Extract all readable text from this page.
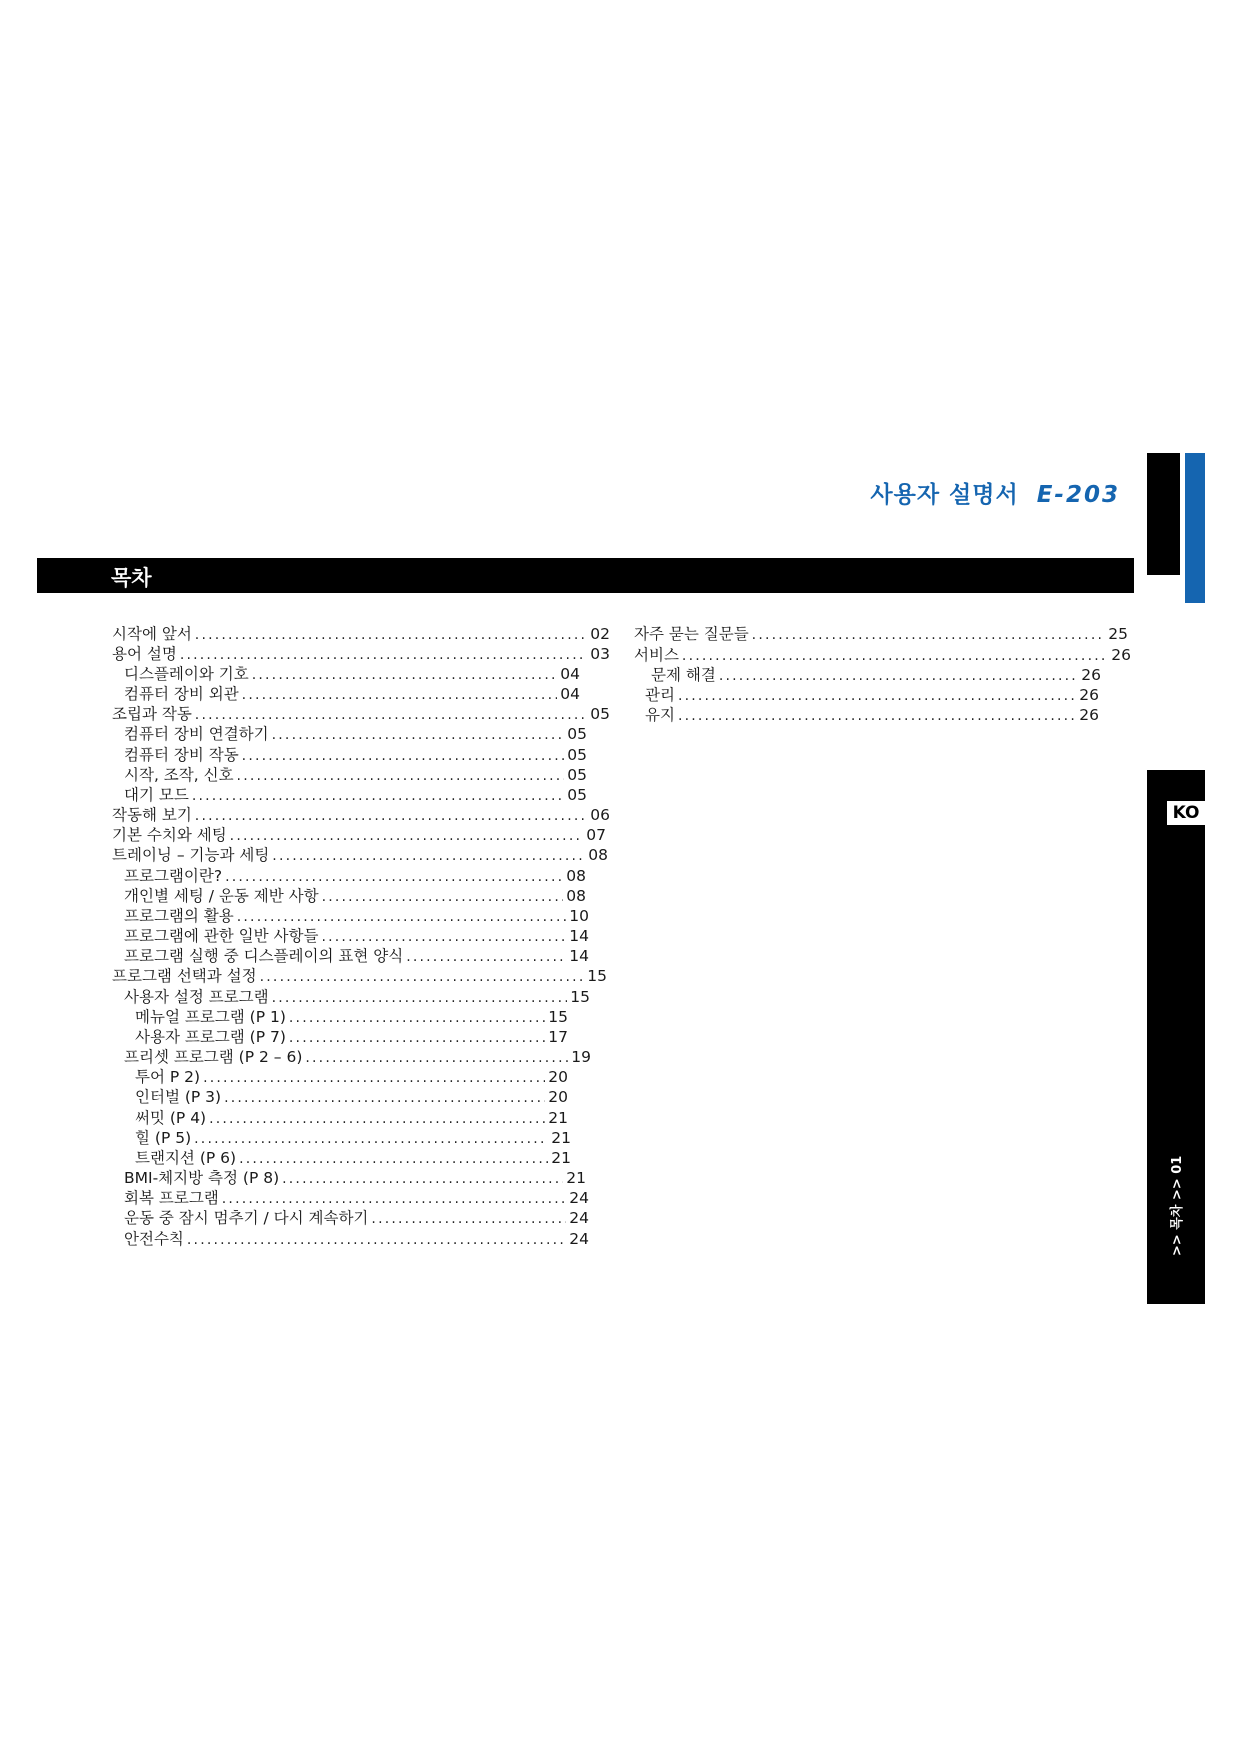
사용자 설명서 E-203
목차
KO
>> 목차 >> 01
시작에 앞서 .....	02
용어 설명 .....	03
디스플레이와 기호 .....	04
컴퓨터 장비 외관 .....	04
조립과 작동 .....	05
컴퓨터 장비 연결하기 .....	05
컴퓨터 장비 작동 .....	05
시작, 조작, 신호 .....	05
대기 모드 .....	05
작동해 보기 .....	06
기본 수치와 세팅 .....	07
트레이닝 – 기능과 세팅 .....	08
프로그램이란? .....	08
개인별 세팅 / 운동 제반 사항 .....	08
프로그램의 활용 .....	10
프로그램에 관한 일반 사항들 .....	14
프로그램 실행 중 디스플레이의 표현 양식 .....	14
프로그램 선택과 설정 .....	15
사용자 설정 프로그램 .....	15
메뉴얼 프로그램 (P 1) .....	15
사용자 프로그램 (P 7) .....	17
프리셋 프로그램 (P 2 – 6) .....	19
투어 P 2) .....	20
인터벌 (P 3) .....	20
써밋 (P 4) .....	21
힐 (P 5) .....	21
트랜지션 (P 6) .....	21
BMI-체지방 측정 (P 8) .....	21
회복 프로그램 .....	24
운동 중 잠시 멈추기 / 다시 계속하기 .....	24
안전수칙 .....	24
자주 묻는 질문들 .....	25
서비스 .....	26
문제 해결 .....	26
관리 .....	26
유지 .....	26
